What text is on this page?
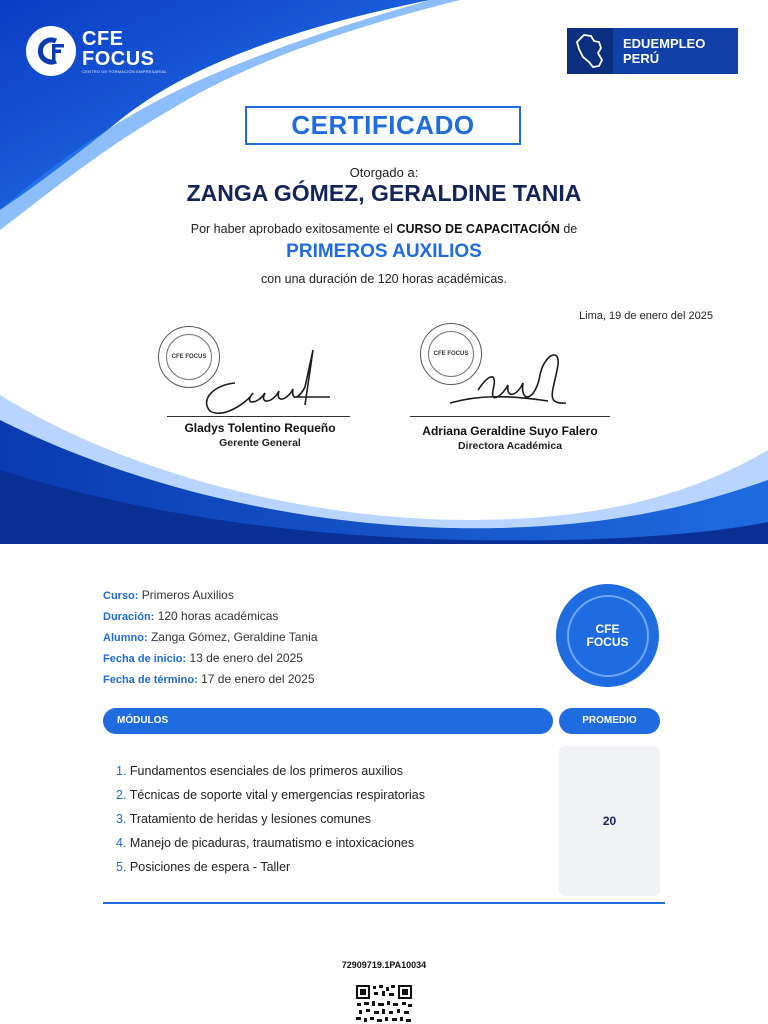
CFE
FOCUS
CENTRO DE FORMACIÓN EMPRESARIAL
EDUEMPLEO
PERÚ
CERTIFICADO
Otorgado a:
ZANGA GÓMEZ, GERALDINE TANIA
Por haber aprobado exitosamente el CURSO DE CAPACITACIÓN de
PRIMEROS AUXILIOS
con una duración de 120 horas académicas.
Lima, 19 de enero del 2025
CFE FOCUS
Gladys Tolentino Requeño
Gerente General
CFE FOCUS
Adriana Geraldine Suyo Falero
Directora Académica
Curso: Primeros Auxilios
Duración: 120 horas académicas
Alumno: Zanga Gómez, Geraldine Tania
Fecha de inicio: 13 de enero del 2025
Fecha de término: 17 de enero del 2025
CFE
FOCUS
MÓDULOS	PROMEDIO
1. Fundamentos esenciales de los primeros auxilios
2. Técnicas de soporte vital y emergencias respiratorias
3. Tratamiento de heridas y lesiones comunes
4. Manejo de picaduras, traumatismo e intoxicaciones
5. Posiciones de espera - Taller
20
72909719.1PA10034
